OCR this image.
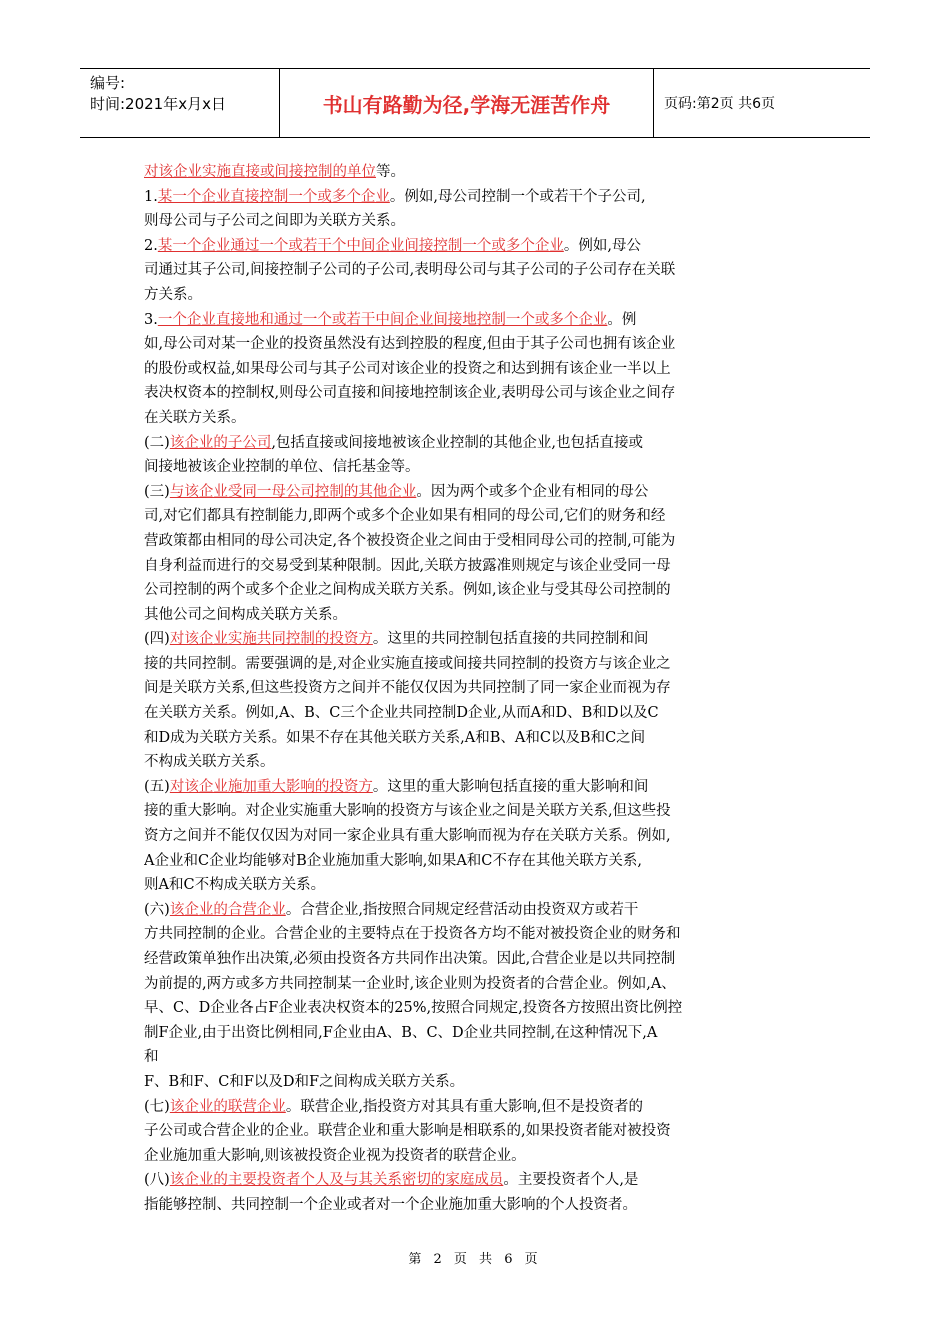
编号:
时间:2021年x月x日	书山有路勤为径,学海无涯苦作舟	页码:第2页 共6页
对该企业实施直接或间接控制的单位等。
1.某一个企业直接控制一个或多个企业。例如,母公司控制一个或若干个子公司,
则母公司与子公司之间即为关联方关系。
2.某一个企业通过一个或若干个中间企业间接控制一个或多个企业。例如,母公
司通过其子公司,间接控制子公司的子公司,表明母公司与其子公司的子公司存在关联
方关系。
3.一个企业直接地和通过一个或若干中间企业间接地控制一个或多个企业。例
如,母公司对某一企业的投资虽然没有达到控股的程度,但由于其子公司也拥有该企业
的股份或权益,如果母公司与其子公司对该企业的投资之和达到拥有该企业一半以上
表决权资本的控制权,则母公司直接和间接地控制该企业,表明母公司与该企业之间存
在关联方关系。
(二)该企业的子公司,包括直接或间接地被该企业控制的其他企业,也包括直接或
间接地被该企业控制的单位、信托基金等。
(三)与该企业受同一母公司控制的其他企业。因为两个或多个企业有相同的母公
司,对它们都具有控制能力,即两个或多个企业如果有相同的母公司,它们的财务和经
营政策都由相同的母公司决定,各个被投资企业之间由于受相同母公司的控制,可能为
自身利益而进行的交易受到某种限制。因此,关联方披露准则规定与该企业受同一母
公司控制的两个或多个企业之间构成关联方关系。例如,该企业与受其母公司控制的
其他公司之间构成关联方关系。
(四)对该企业实施共同控制的投资方。这里的共同控制包括直接的共同控制和间
接的共同控制。需要强调的是,对企业实施直接或间接共同控制的投资方与该企业之
间是关联方关系,但这些投资方之间并不能仅仅因为共同控制了同一家企业而视为存
在关联方关系。例如,A、B、C三个企业共同控制D企业,从而A和D、B和D以及C
和D成为关联方关系。如果不存在其他关联方关系,A和B、A和C以及B和C之间
不构成关联方关系。
(五)对该企业施加重大影响的投资方。这里的重大影响包括直接的重大影响和间
接的重大影响。对企业实施重大影响的投资方与该企业之间是关联方关系,但这些投
资方之间并不能仅仅因为对同一家企业具有重大影响而视为存在关联方关系。例如,
A企业和C企业均能够对B企业施加重大影响,如果A和C不存在其他关联方关系,
则A和C不构成关联方关系。
(六)该企业的合营企业。合营企业,指按照合同规定经营活动由投资双方或若干
方共同控制的企业。合营企业的主要特点在于投资各方均不能对被投资企业的财务和
经营政策单独作出决策,必须由投资各方共同作出决策。因此,合营企业是以共同控制
为前提的,两方或多方共同控制某一企业时,该企业则为投资者的合营企业。例如,A、
早、C、D企业各占F企业表决权资本的25%,按照合同规定,投资各方按照出资比例控
制F企业,由于出资比例相同,F企业由A、B、C、D企业共同控制,在这种情况下,A
和
F、B和F、C和F以及D和F之间构成关联方关系。
(七)该企业的联营企业。联营企业,指投资方对其具有重大影响,但不是投资者的
子公司或合营企业的企业。联营企业和重大影响是相联系的,如果投资者能对被投资
企业施加重大影响,则该被投资企业视为投资者的联营企业。
(八)该企业的主要投资者个人及与其关系密切的家庭成员。主要投资者个人,是
指能够控制、共同控制一个企业或者对一个企业施加重大影响的个人投资者。
第 2 页 共 6 页
